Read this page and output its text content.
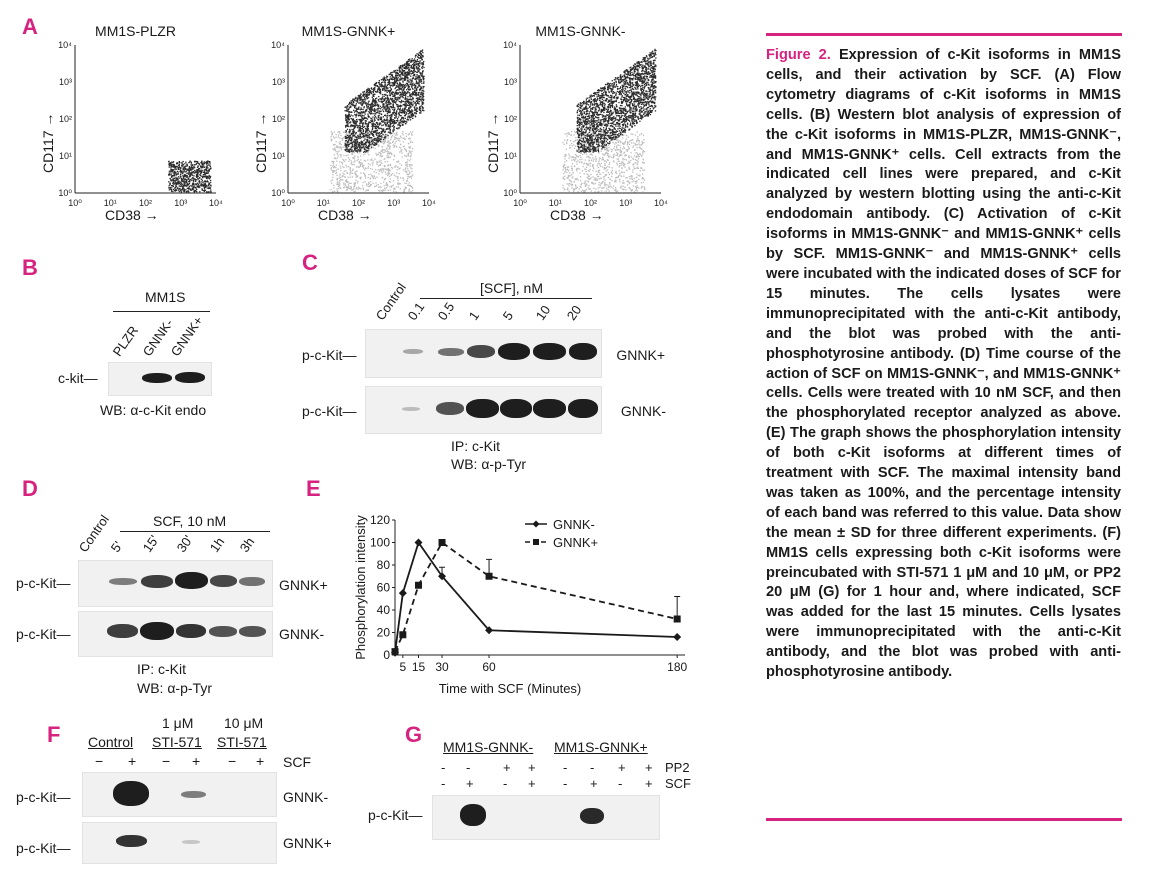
A	MM1S-PLZR
10⁰
10⁰
10¹
10¹
10²
10²
10³
10³
10⁴
10⁴
CD117 →
CD38 →
MM1S-GNNK+
10⁰
10⁰
10¹
10¹
10²
10²
10³
10³
10⁴
10⁴
CD117 →
CD38 →
MM1S-GNNK-
10⁰
10⁰
10¹
10¹
10²
10²
10³
10³
10⁴
10⁴
CD117 →
CD38 →
B
MM1S
PLZR
GNNK-
GNNK+
c-kit—
WB: α-c-Kit endo
C
[SCF], nM
Control
0.1 0.5 1 5 10 20
p-c-Kit—	GNNK+
p-c-Kit—	GNNK-
IP: c-Kit
WB: α-p-Tyr
D
SCF, 10 nM
Control
5' 15' 30' 1h 3h
p-c-Kit—	GNNK+
p-c-Kit—	GNNK-
IP: c-Kit
WB: α-p-Tyr
E
0
20
40
60
80
100
120
5 15 30	60	180
Time with SCF (Minutes)
Phosphorylation intensity	GNNK-
GNNK+
F	1 μM 10 μM
Control STI-571 STI-571
− + − + − + SCF
p-c-Kit—	GNNK-
p-c-Kit—	GNNK+
G MM1S-GNNK- MM1S-GNNK+
- -	+ + - - + +
- + - + - + - +
PP2
SCF
p-c-Kit—
Figure 2. Expression of c-Kit isoforms in MM1S cells, and their activation by SCF. (A) Flow cytometry diagrams of c-Kit isoforms in MM1S cells. (B) Western blot analysis of expression of the c-Kit isoforms in MM1S-PLZR, MM1S-GNNK⁻, and MM1S-GNNK⁺ cells. Cell extracts from the indicated cell lines were prepared, and c-Kit analyzed by western blotting using the anti-c-Kit endodomain antibody. (C) Activation of c-Kit isoforms in MM1S-GNNK⁻ and MM1S-GNNK⁺ cells by SCF. MM1S-GNNK⁻ and MM1S-GNNK⁺ cells were incubated with the indicated doses of SCF for 15 minutes. The cells lysates were immunoprecipitated with the anti-c-Kit antibody, and the blot was probed with the anti-phosphotyrosine antibody. (D) Time course of the action of SCF on MM1S-GNNK⁻, and MM1S-GNNK⁺ cells. Cells were treated with 10 nM SCF, and then the phosphorylated receptor analyzed as above. (E) The graph shows the phosphorylation intensity of both c-Kit isoforms at different times of treatment with SCF. The maximal intensity band was taken as 100%, and the percentage intensity of each band was referred to this value. Data show the mean ± SD for three different experiments. (F) MM1S cells expressing both c-Kit isoforms were preincubated with STI-571 1 μM and 10 μM, or PP2 20 μM (G) for 1 hour and, where indicated, SCF was added for the last 15 minutes. Cells lysates were immunoprecipitated with the anti-c-Kit antibody, and the blot was probed with anti-phosphotyrosine antibody.
